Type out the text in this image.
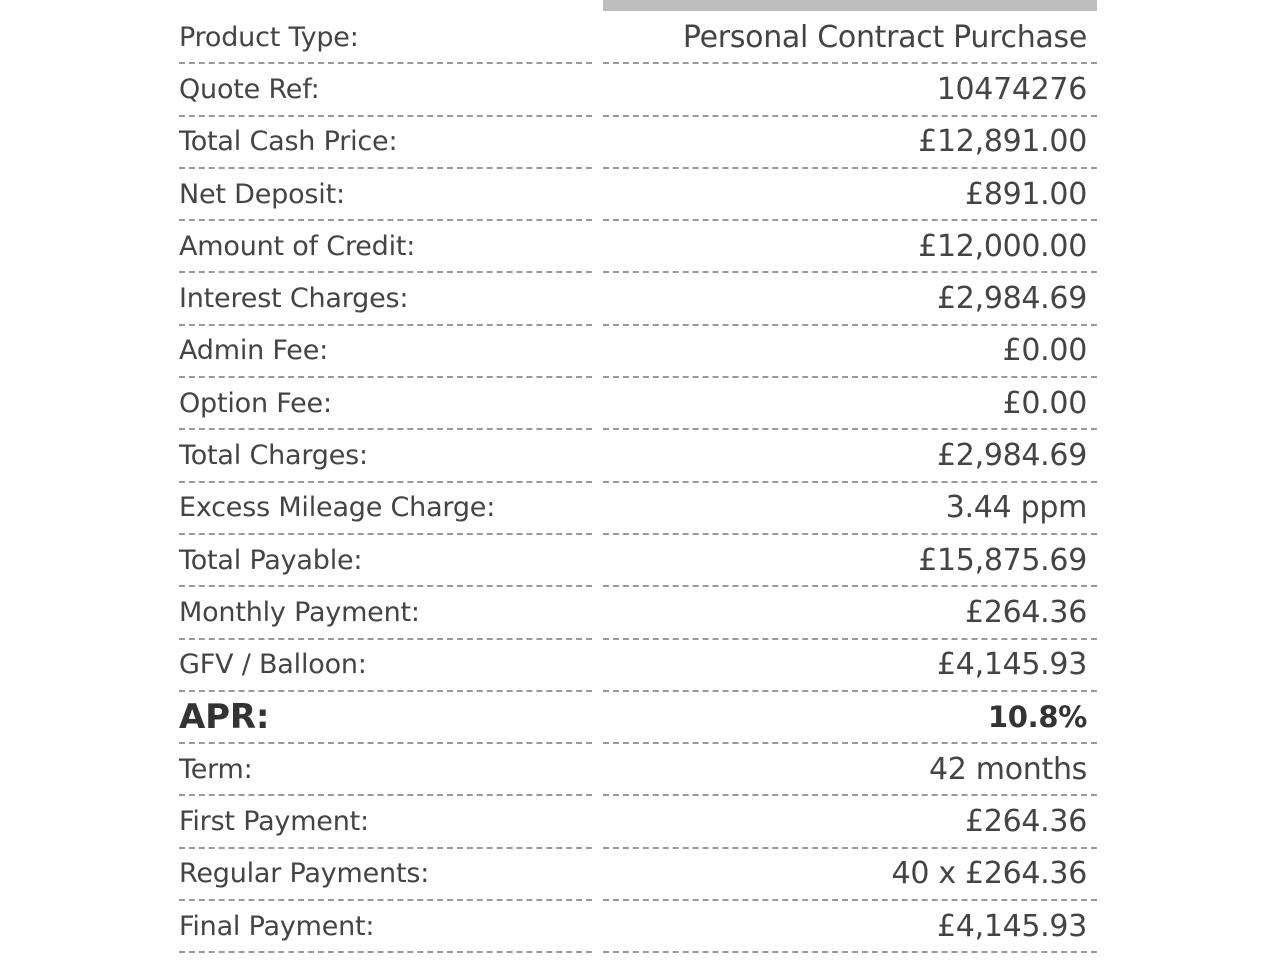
Product Type:	Personal Contract Purchase
Quote Ref:	10474276
Total Cash Price:	£12,891.00
Net Deposit:	£891.00
Amount of Credit:	£12,000.00
Interest Charges:	£2,984.69
Admin Fee:	£0.00
Option Fee:	£0.00
Total Charges:	£2,984.69
Excess Mileage Charge:	3.44 ppm
Total Payable:	£15,875.69
Monthly Payment:	£264.36
GFV / Balloon:	£4,145.93
APR:	10.8%
Term:	42 months
First Payment:	£264.36
Regular Payments:	40 x £264.36
Final Payment:	£4,145.93
